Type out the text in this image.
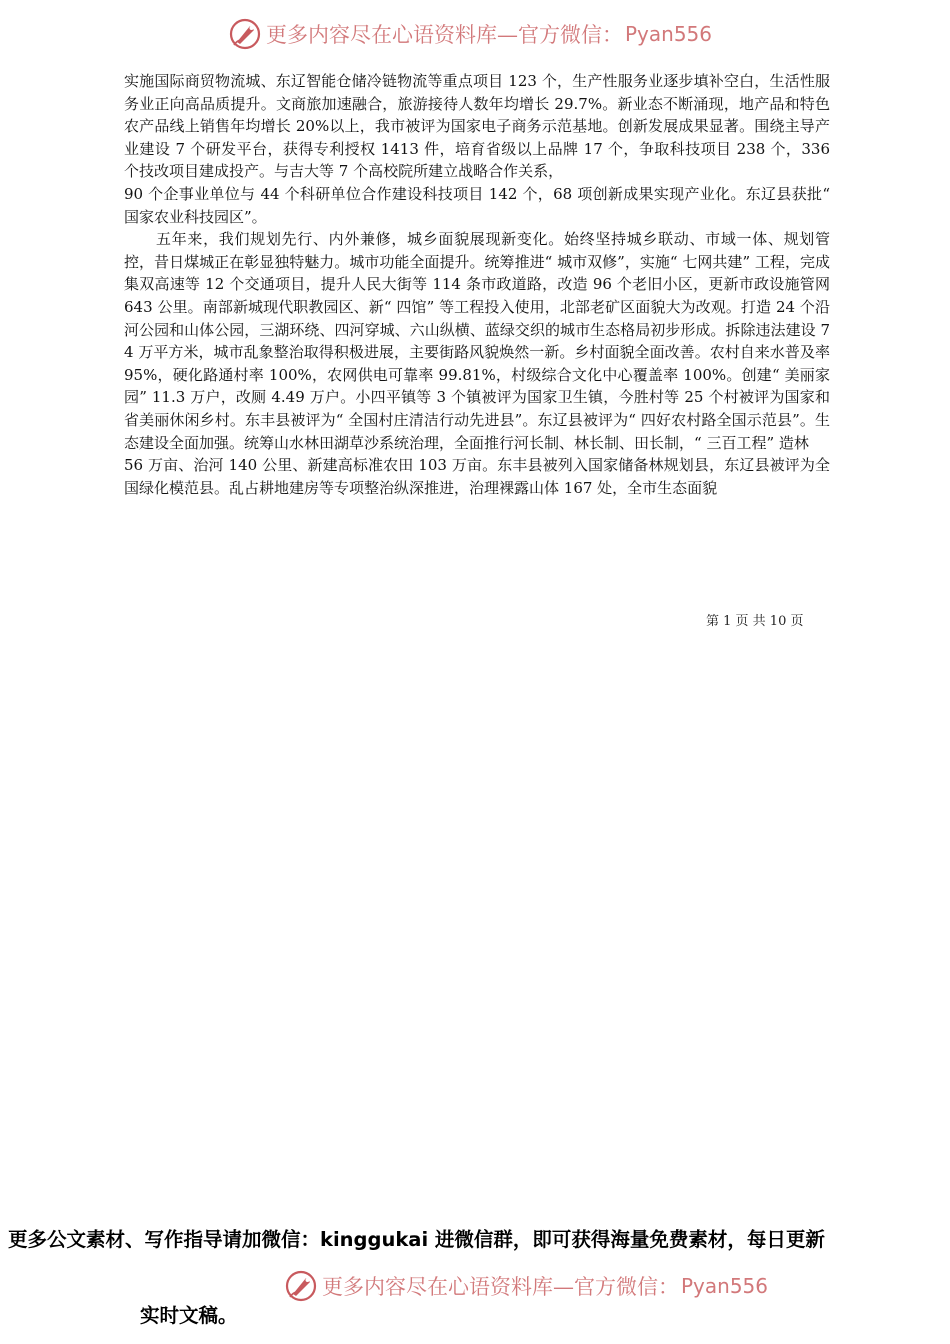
更多内容尽在心语资料库—官方微信： Pyan556

实施国际商贸物流城、东辽智能仓储冷链物流等重点项目 123 个，生产性服务业逐步填补空白，生活性服务业正向高品质提升。文商旅加速融合，旅游接待人数年均增长 29.7%。新业态不断涌现，地产品和特色农产品线上销售年均增长 20%以上，我市被评为国家电子商务示范基地。创新发展成果显著。围绕主导产业建设 7 个研发平台，获得专利授权 1413 件，培育省级以上品牌 17 个，争取科技项目 238 个，336 个技改项目建成投产。与吉大等 7 个高校院所建立战略合作关系，

90 个企事业单位与 44 个科研单位合作建设科技项目 142 个，68 项创新成果实现产业化。东辽县获批“ 国家农业科技园区”。

五年来，我们规划先行、内外兼修，城乡面貌展现新变化。始终坚持城乡联动、市域一体、规划管控，昔日煤城正在彰显独特魅力。城市功能全面提升。统筹推进“ 城市双修”，实施“ 七网共建” 工程，完成集双高速等 12 个交通项目，提升人民大街等 114 条市政道路，改造 96 个老旧小区，更新市政设施管网 643 公里。南部新城现代职教园区、新“ 四馆” 等工程投入使用，北部老矿区面貌大为改观。打造 24 个沿河公园和山体公园，三湖环绕、四河穿城、六山纵横、蓝绿交织的城市生态格局初步形成。拆除违法建设 74 万平方米，城市乱象整治取得积极进展，主要街路风貌焕然一新。乡村面貌全面改善。农村自来水普及率 95%，硬化路通村率 100%，农网供电可靠率 99.81%，村级综合文化中心覆盖率 100%。创建“ 美丽家园” 11.3 万户，改厕 4.49 万户。小四平镇等 3 个镇被评为国家卫生镇，今胜村等 25 个村被评为国家和省美丽休闲乡村。东丰县被评为“ 全国村庄清洁行动先进县”。东辽县被评为“ 四好农村路全国示范县”。生态建设全面加强。统筹山水林田湖草沙系统治理，全面推行河长制、林长制、田长制，“ 三百工程” 造林

56 万亩、治河 140 公里、新建高标准农田 103 万亩。东丰县被列入国家储备林规划县，东辽县被评为全国绿化模范县。乱占耕地建房等专项整治纵深推进，治理裸露山体 167 处，全市生态面貌

第 1 页 共 10 页
更多公文素材、写作指导请加微信：kinggukai 进微信群，即可获得海量免费素材，每日更新
更多内容尽在心语资料库—官方微信： Pyan556
实时文稿。
